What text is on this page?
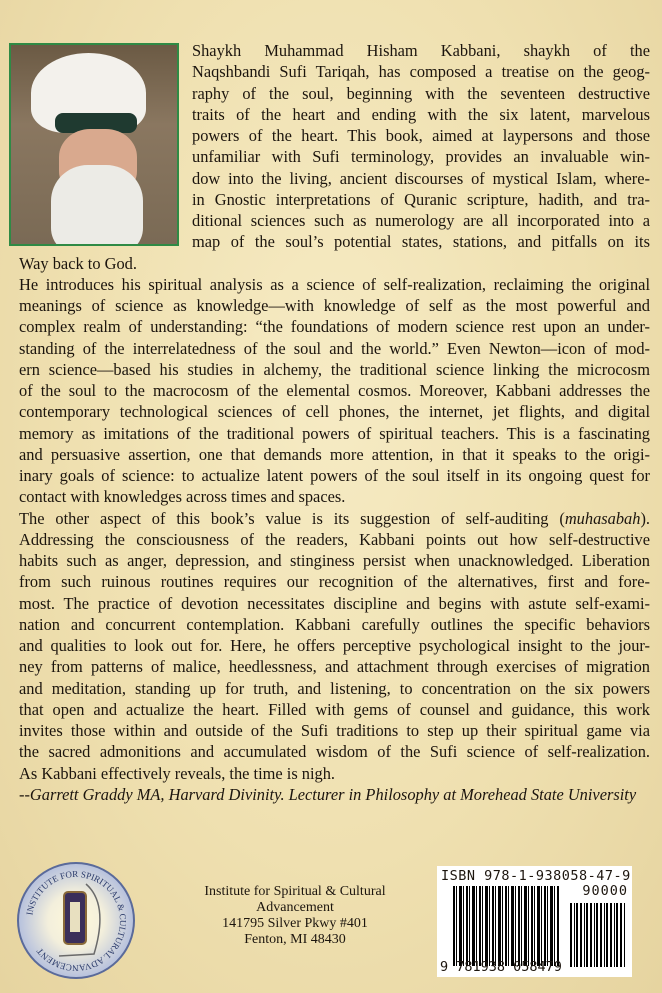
Shaykh Muhammad Hisham Kabbani, shaykh of the
Naqshbandi Sufi Tariqah, has composed a treatise on the geog-
raphy of the soul, beginning with the seventeen destructive
traits of the heart and ending with the six latent, marvelous
powers of the heart. This book, aimed at laypersons and those
unfamiliar with Sufi terminology, provides an invaluable win-
dow into the living, ancient discourses of mystical Islam, where-
in Gnostic interpretations of Quranic scripture, hadith, and tra-
ditional sciences such as numerology are all incorporated into a
map of the soul’s potential states, stations, and pitfalls on its
Way back to God.
He introduces his spiritual analysis as a science of self-realization, reclaiming the original
meanings of science as knowledge—with knowledge of self as the most powerful and
complex realm of understanding: “the foundations of modern science rest upon an under-
standing of the interrelatedness of the soul and the world.” Even Newton—icon of mod-
ern science—based his studies in alchemy, the traditional science linking the microcosm
of the soul to the macrocosm of the elemental cosmos. Moreover, Kabbani addresses the
contemporary technological sciences of cell phones, the internet, jet flights, and digital
memory as imitations of the traditional powers of spiritual teachers. This is a fascinating
and persuasive assertion, one that demands more attention, in that it speaks to the origi-
inary goals of science: to actualize latent powers of the soul itself in its ongoing quest for
contact with knowledges across times and spaces.
The other aspect of this book’s value is its suggestion of self-auditing (muhasabah).
Addressing the consciousness of the readers, Kabbani points out how self-destructive
habits such as anger, depression, and stinginess persist when unacknowledged. Liberation
from such ruinous routines requires our recognition of the alternatives, first and fore-
most. The practice of devotion necessitates discipline and begins with astute self-exami-
nation and concurrent contemplation. Kabbani carefully outlines the specific behaviors
and qualities to look out for. Here, he offers perceptive psychological insight to the jour-
ney from patterns of malice, heedlessness, and attachment through exercises of migration
and meditation, standing up for truth, and listening, to concentration on the six powers
that open and actualize the heart. Filled with gems of counsel and guidance, this work
invites those within and outside of the Sufi traditions to step up their spiritual game via
the sacred admonitions and accumulated wisdom of the Sufi science of self-realization.
As Kabbani effectively reveals, the time is nigh.
--Garrett Graddy MA, Harvard Divinity. Lecturer in Philosophy at Morehead State University
INSTITUTE FOR SPIRITUAL & CULTURAL ADVANCEMENT
Institute for Spiritual & Cultural
Advancement
141795 Silver Pkwy #401
Fenton, MI 48430
ISBN 978-1-938058-47-9
90000
9 781938 058479
